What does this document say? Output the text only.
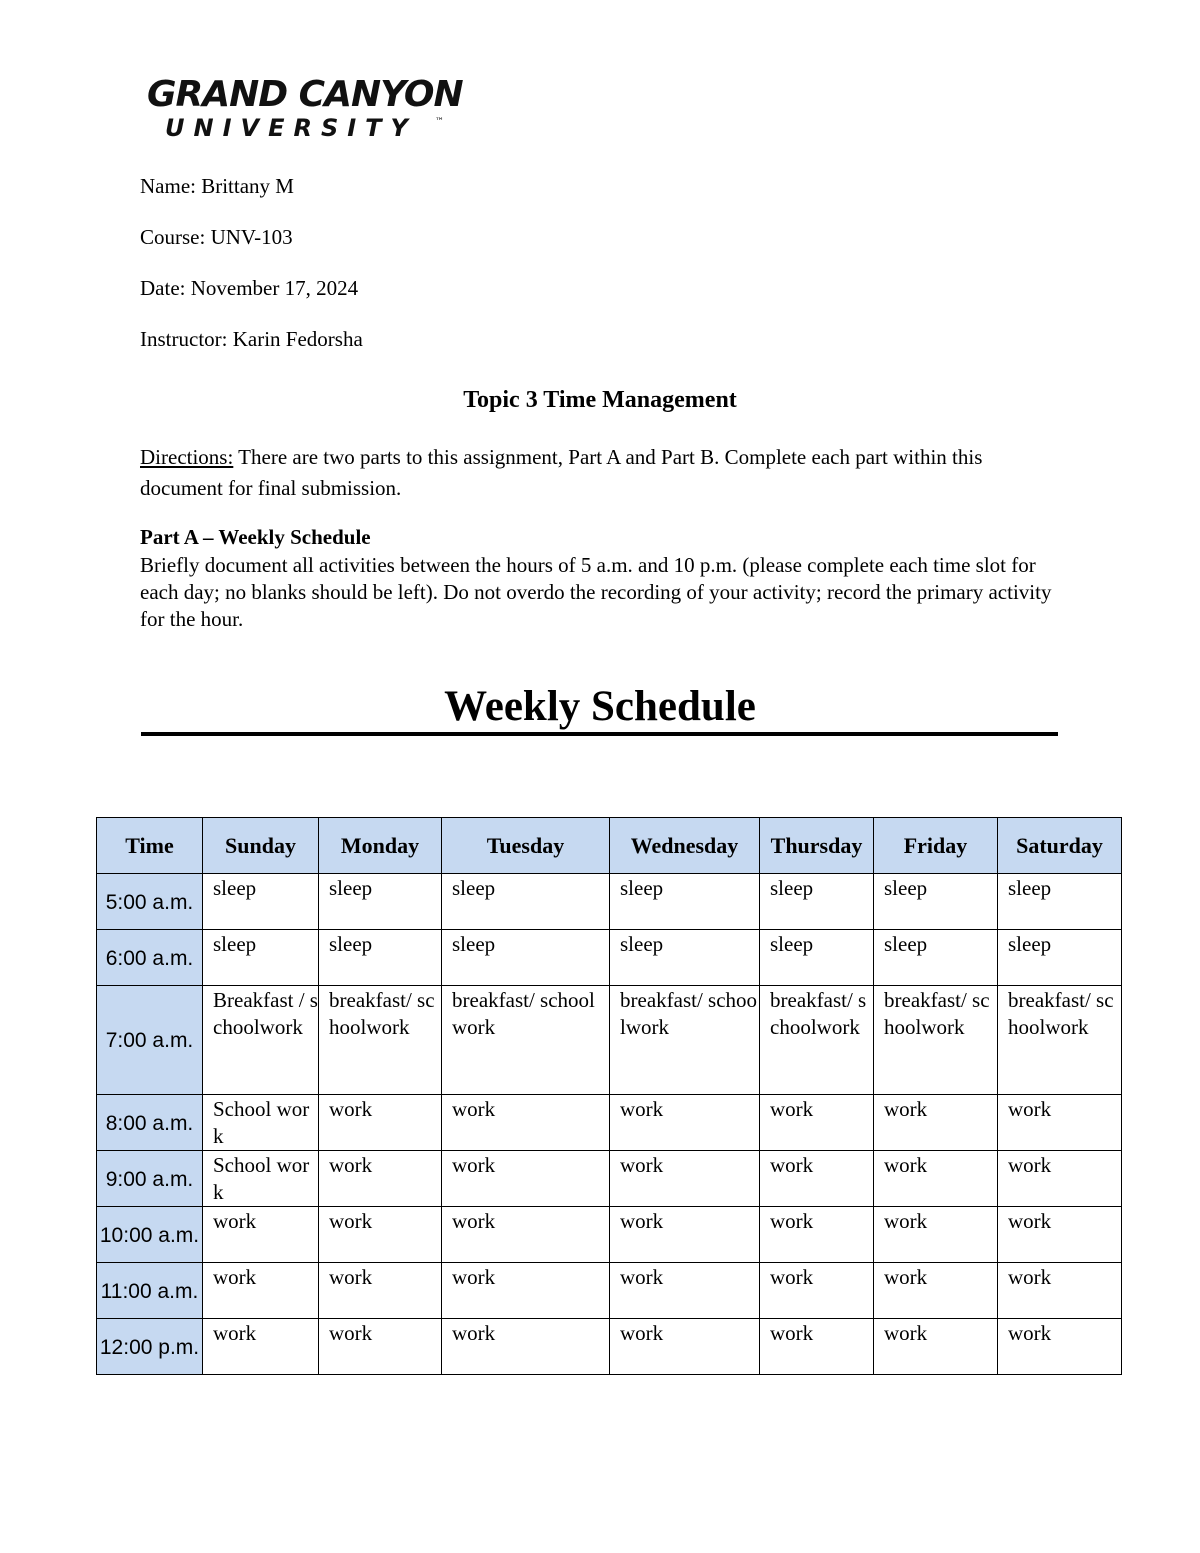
GRAND CANYON
UNIVERSITY ™
Name: Brittany M
Course: UNV-103
Date: November 17, 2024
Instructor: Karin Fedorsha
Topic 3 Time Management
Directions: There are two parts to this assignment, Part A and Part B. Complete each part within this document for final submission.
Part A – Weekly Schedule
Briefly document all activities between the hours of 5 a.m. and 10 p.m. (please complete each time slot for each day; no blanks should be left). Do not overdo the recording of your activity; record the primary activity for the hour.
Weekly Schedule
Time	Sunday	Monday	Tuesday	Wednesday	Thursday	Friday	Saturday
5:00 a.m.	sleep	sleep	sleep	sleep	sleep	sleep	sleep
6:00 a.m.	sleep	sleep	sleep	sleep	sleep	sleep	sleep
7:00 a.m.	Breakfast / schoolwork	breakfast/ schoolwork	breakfast/ schoolwork	breakfast/ schoolwork	breakfast/ schoolwork	breakfast/ schoolwork	breakfast/ schoolwork
8:00 a.m.	School work	work	work	work	work	work	work
9:00 a.m.	School work	work	work	work	work	work	work
10:00 a.m.	work	work	work	work	work	work	work
11:00 a.m.	work	work	work	work	work	work	work
12:00 p.m.	work	work	work	work	work	work	work
